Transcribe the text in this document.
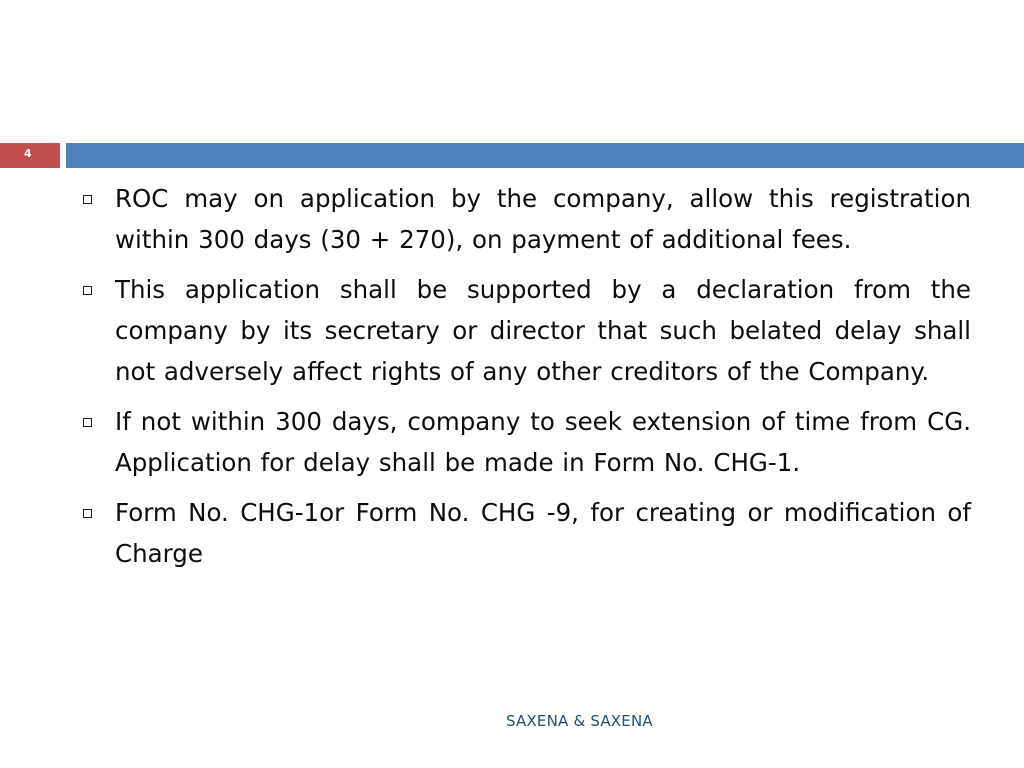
4
ROC may on application by the company, allow this registration within 300 days (30 + 270), on payment of additional fees.
This application shall be supported by a declaration from the company by its secretary or director that such belated delay shall not adversely affect rights of any other creditors of the Company.
If not within 300 days, company to seek extension of time from CG. Application for delay shall be made in Form No. CHG-1.
Form No. CHG-1or Form No. CHG -9, for creating or modification of Charge
SAXENA & SAXENA
